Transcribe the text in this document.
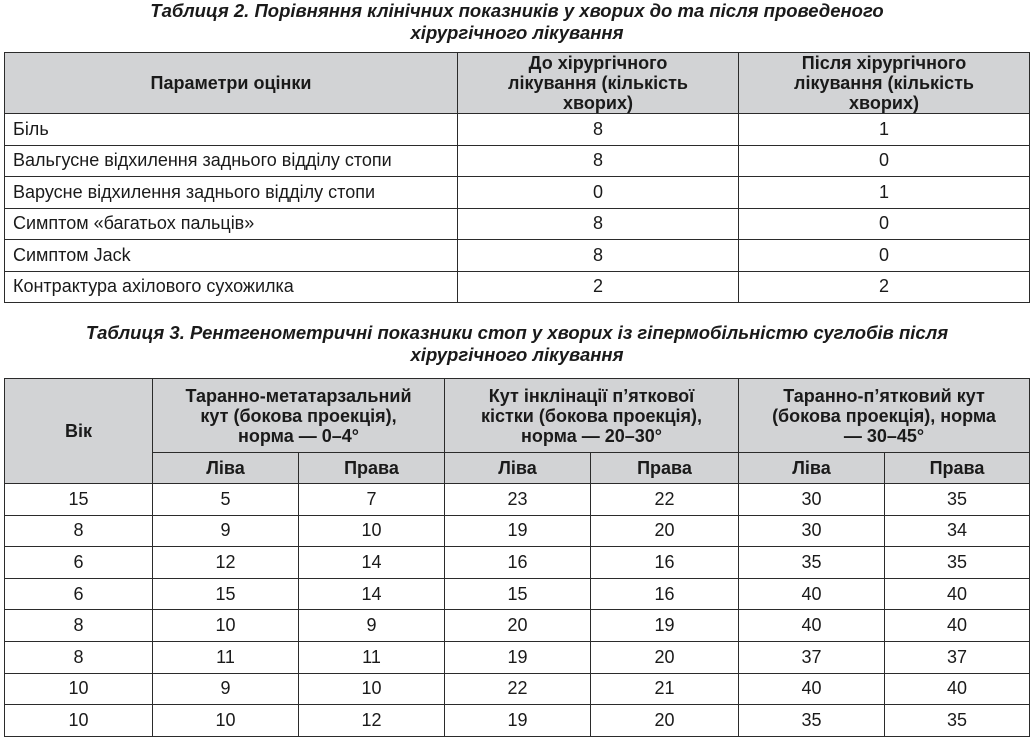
Таблиця 2. Порівняння клінічних показників у хворих до та після проведеного
хірургічного лікування
Параметри оцінки	До хірургічного лікування (кількість хворих)	Після хірургічного лікування (кількість хворих)
Біль	8	1
Вальгусне відхилення заднього відділу стопи	8	0
Варусне відхилення заднього відділу стопи	0	1
Симптом «багатьох пальців»	8	0
Симптом Jack	8	0
Контрактура ахілового сухожилка	2	2
Таблиця 3. Рентгенометричні показники стоп у хворих із гіпермобільністю суглобів після
хірургічного лікування
Вік	Таранно-метатарзальний кут (бокова проекція), норма — 0–4°		Кут інклінації п’яткової кістки (бокова проекція), норма — 20–30°		Таранно-п’ятковий кут (бокова проекція), норма — 30–45°	
	Ліва	Права	Ліва	Права	Ліва	Права
15	5	7	23	22	30	35
8	9	10	19	20	30	34
6	12	14	16	16	35	35
6	15	14	15	16	40	40
8	10	9	20	19	40	40
8	11	11	19	20	37	37
10	9	10	22	21	40	40
10	10	12	19	20	35	35
